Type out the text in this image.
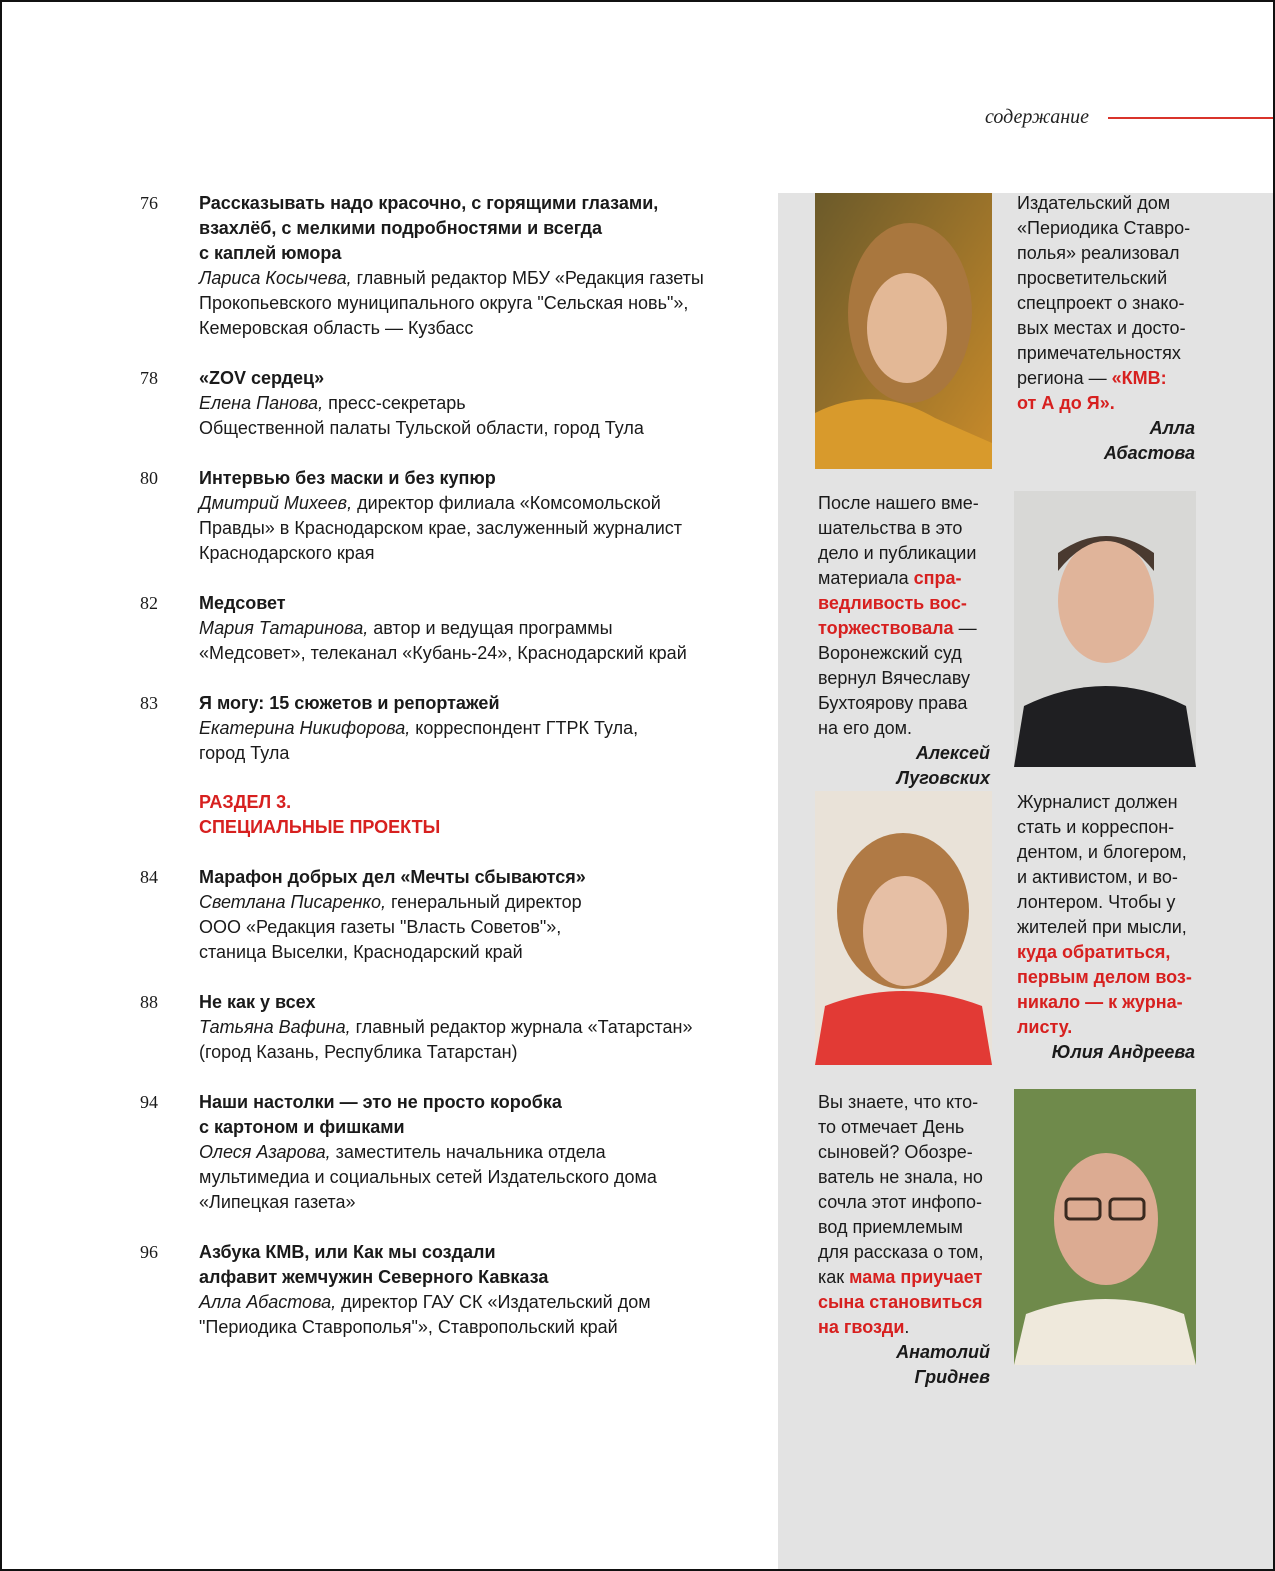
содержание
76	Рассказывать надо красочно, с горящими глазами,
взахлёб, с мелкими подробностями и всегда
с каплей юмора
Лариса Косычева, главный редактор МБУ «Редакция газеты
Прокопьевского муниципального округа "Сельская новь"»,
Кемеровская область — Кузбасс
78	«ZOV сердец»
Елена Панова, пресс-секретарь
Общественной палаты Тульской области, город Тула
80	Интервью без маски и без купюр
Дмитрий Михеев, директор филиала «Комсомольской
Правды» в Краснодарском крае, заслуженный журналист
Краснодарского края
82	Медсовет
Мария Татаринова, автор и ведущая программы
«Медсовет», телеканал «Кубань-24», Краснодарский край
83	Я могу: 15 сюжетов и репортажей
Екатерина Никифорова, корреспондент ГТРК Тула,
город Тула
РАЗДЕЛ 3.
СПЕЦИАЛЬНЫЕ ПРОЕКТЫ
84	Марафон добрых дел «Мечты сбываются»
Светлана Писаренко, генеральный директор
ООО «Редакция газеты "Власть Советов"»,
станица Выселки, Краснодарский край
88	Не как у всех
Татьяна Вафина, главный редактор журнала «Татарстан»
(город Казань, Республика Татарстан)
94	Наши настолки — это не просто коробка
с картоном и фишками
Олеся Азарова, заместитель начальника отдела
мультимедиа и социальных сетей Издательского дома
«Липецкая газета»
96	Азбука КМВ, или Как мы создали
алфавит жемчужин Северного Кавказа
Алла Абастова, директор ГАУ СК «Издательский дом
"Периодика Ставрополья"», Ставропольский край

Издательский дом
«Периодика Ставро-
полья» реализовал
просветительский
спецпроект о знако-
вых местах и досто-
примечательностях
региона — «КМВ:
от А до Я».

Алла
Абастова

После нашего вме-
шательства в это
дело и публикации
материала спра-
ведливость вос-
торжествовала —
Воронежский суд
вернул Вячеславу
Бухтоярову права
на его дом.

Алексей Луговских

Журналист должен
стать и корреспон-
дентом, и блогером,
и активистом, и во-
лонтером. Чтобы у
жителей при мысли,
куда обратиться,
первым делом воз-
никало — к журна-
листу.

Юлия Андреева

Вы знаете, что кто-
то отмечает День
сыновей? Обозре-
ватель не знала, но
сочла этот инфопо-
вод приемлемым
для рассказа о том,
как мама приучает
сына становиться
на гвозди.

Анатолий Гриднев
